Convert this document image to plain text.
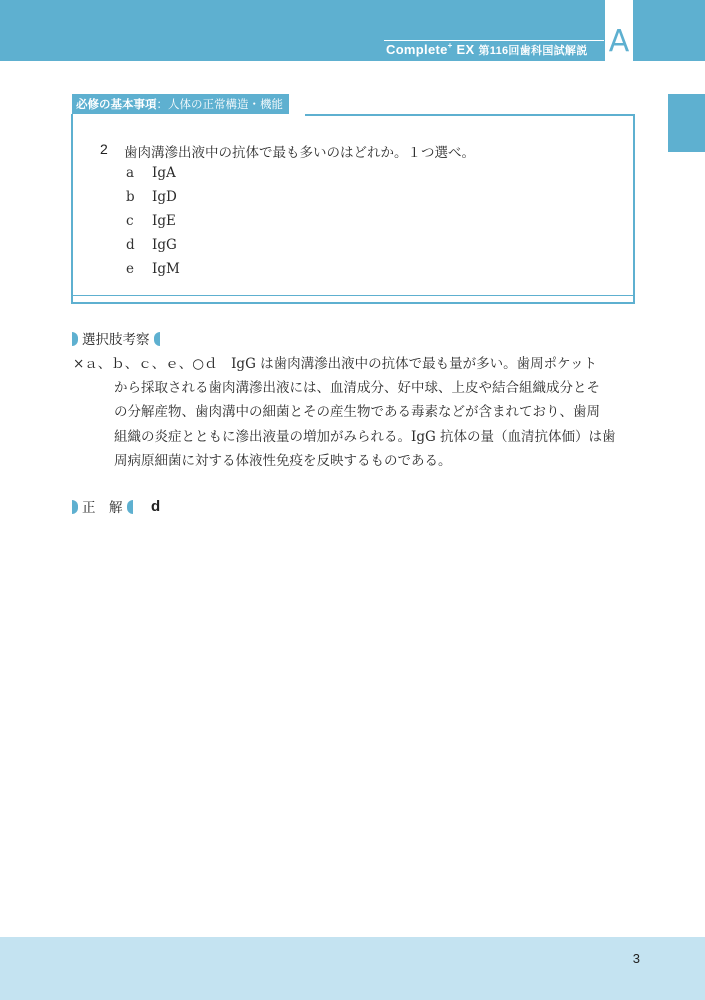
Complete+ EX 第116回歯科国試解説 A
必修の基本事項：人体の正常構造・機能
2 歯肉溝滲出液中の抗体で最も多いのはどれか。１つ選べ。
a IgA
b IgD
c IgE
d IgG
e IgM
選択肢考察
×ａ、ｂ、ｃ、ｅ、○ｄ　IgG は歯肉溝滲出液中の抗体で最も量が多い。歯周ポケット
から採取される歯肉溝滲出液には、血清成分、好中球、上皮や結合組織成分とそ
の分解産物、歯肉溝中の細菌とその産生物である毒素などが含まれており、歯周
組織の炎症とともに滲出液量の増加がみられる。IgG 抗体の量（血清抗体価）は歯
周病原細菌に対する体液性免疫を反映するものである。
正　解	d
3
